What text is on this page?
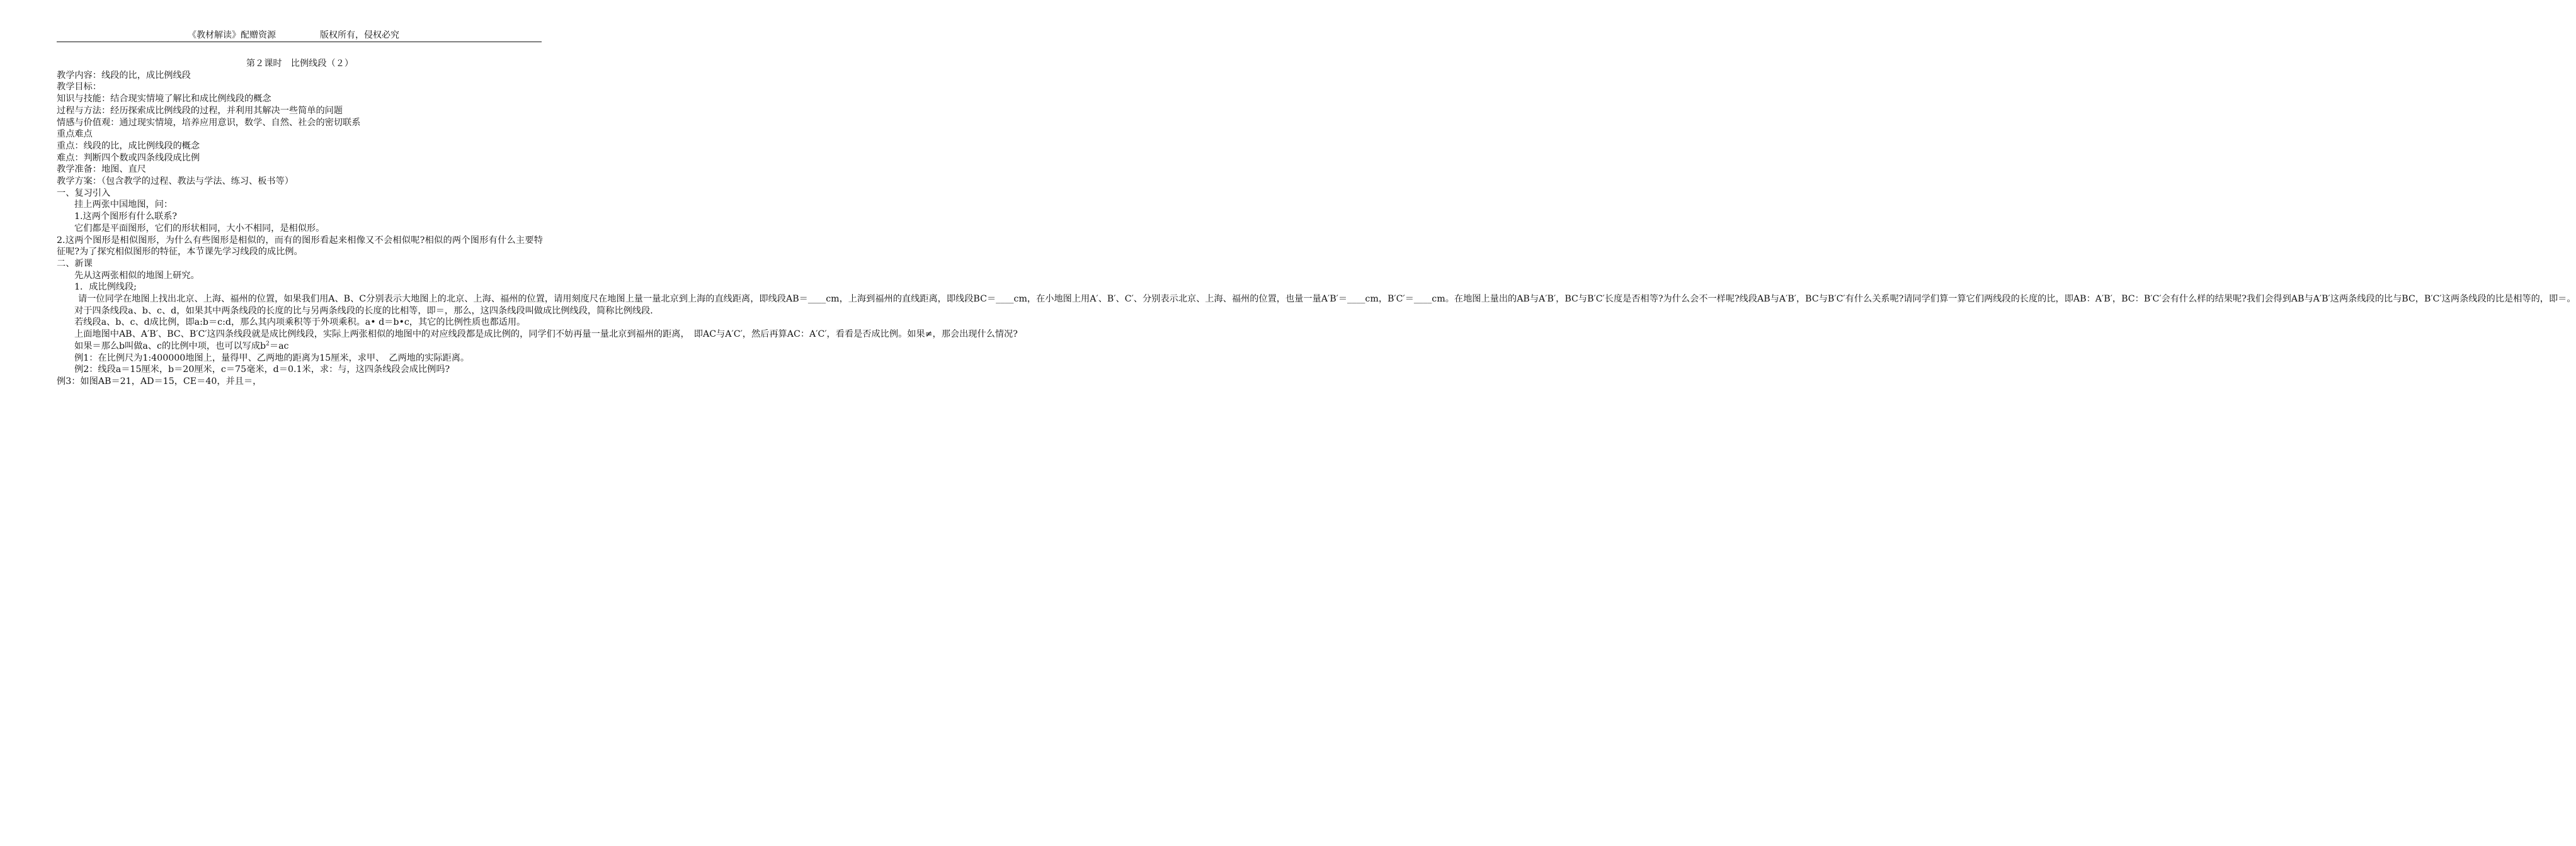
《教材解读》配赠资源	版权所有，侵权必究

第２课时　比例线段（２）

教学内容：线段的比，成比例线段

教学目标：

知识与技能：结合现实情境了解比和成比例线段的概念

过程与方法：经历探索成比例线段的过程，并利用其解决一些简单的问题

情感与价值观：通过现实情境，培养应用意识，数学、自然、社会的密切联系

重点难点

重点：线段的比，成比例线段的概念

难点：判断四个数或四条线段成比例

教学准备：地图、直尺

教学方案：（包含教学的过程、教法与学法、练习、板书等）

一、复习引入

挂上两张中国地图，问：

1.这两个图形有什么联系?

它们都是平面图形，它们的形状相同，大小不相同，是相似形。

2.这两个图形是相似图形，为什么有些图形是相似的，而有的图形看起来相像又不会相似呢?相似的两个图形有什么主要特征呢?为了探究相似图形的特征，本节课先学习线段的成比例。

二、新课

先从这两张相似的地图上研究。

1．成比例线段;

请一位同学在地图上找出北京、上海、福州的位置，如果我们用A、B、C分别表示大地图上的北京、上海、福州的位置，请用刻度尺在地图上量一量北京到上海的直线距离，即线段AB＝____cm，上海到福州的直线距离，即线段BC＝____cm，在小地图上用A′、B′、C′、分别表示北京、上海、福州的位置，也量一量A′B′＝____cm，B′C′＝____cm。在地图上量出的AB与A′B′，BC与B′C′长度是否相等?为什么会不一样呢?线段AB与A′B′，BC与B′C′有什么关系呢?请同学们算一算它们两线段的长度的比，即AB：A′B′，BC：B′C′会有什么样的结果呢?我们会得到AB与A′B′这两条线段的比与BC，B′C′这两条线段的比是相等的，即＝。

对于四条线段a、b、c、d，如果其中两条线段的长度的比与另两条线段的长度的比相等，即＝，那么，这四条线段叫做成比例线段，简称比例线段．

若线段a、b、c、d成比例，即a:b＝c:d，那么其内项乘积等于外项乘积。a• d＝b•c，其它的比例性质也都适用。

上面地图中AB、A′B′、BC、B′C′这四条线段就是成比例线段，实际上两张相似的地图中的对应线段都是成比例的，同学们不妨再量一量北京到福州的距离，　即AC与A′C′，然后再算AC：A′C′，看看是否成比例。如果≠，那会出现什么情况?

如果＝那么b叫做a、c的比例中项，也可以写成$b^2=ac$

例1：在比例尺为1:400000地图上，量得甲、乙两地的距离为15厘米，求甲、　乙两地的实际距离。

例2：线段a＝15厘米，b＝20厘米，c＝75毫米，d＝0.1米，求：与，这四条线段会成比例吗?

例3：如图AB＝21，AD＝15，CE＝40，并且＝，
